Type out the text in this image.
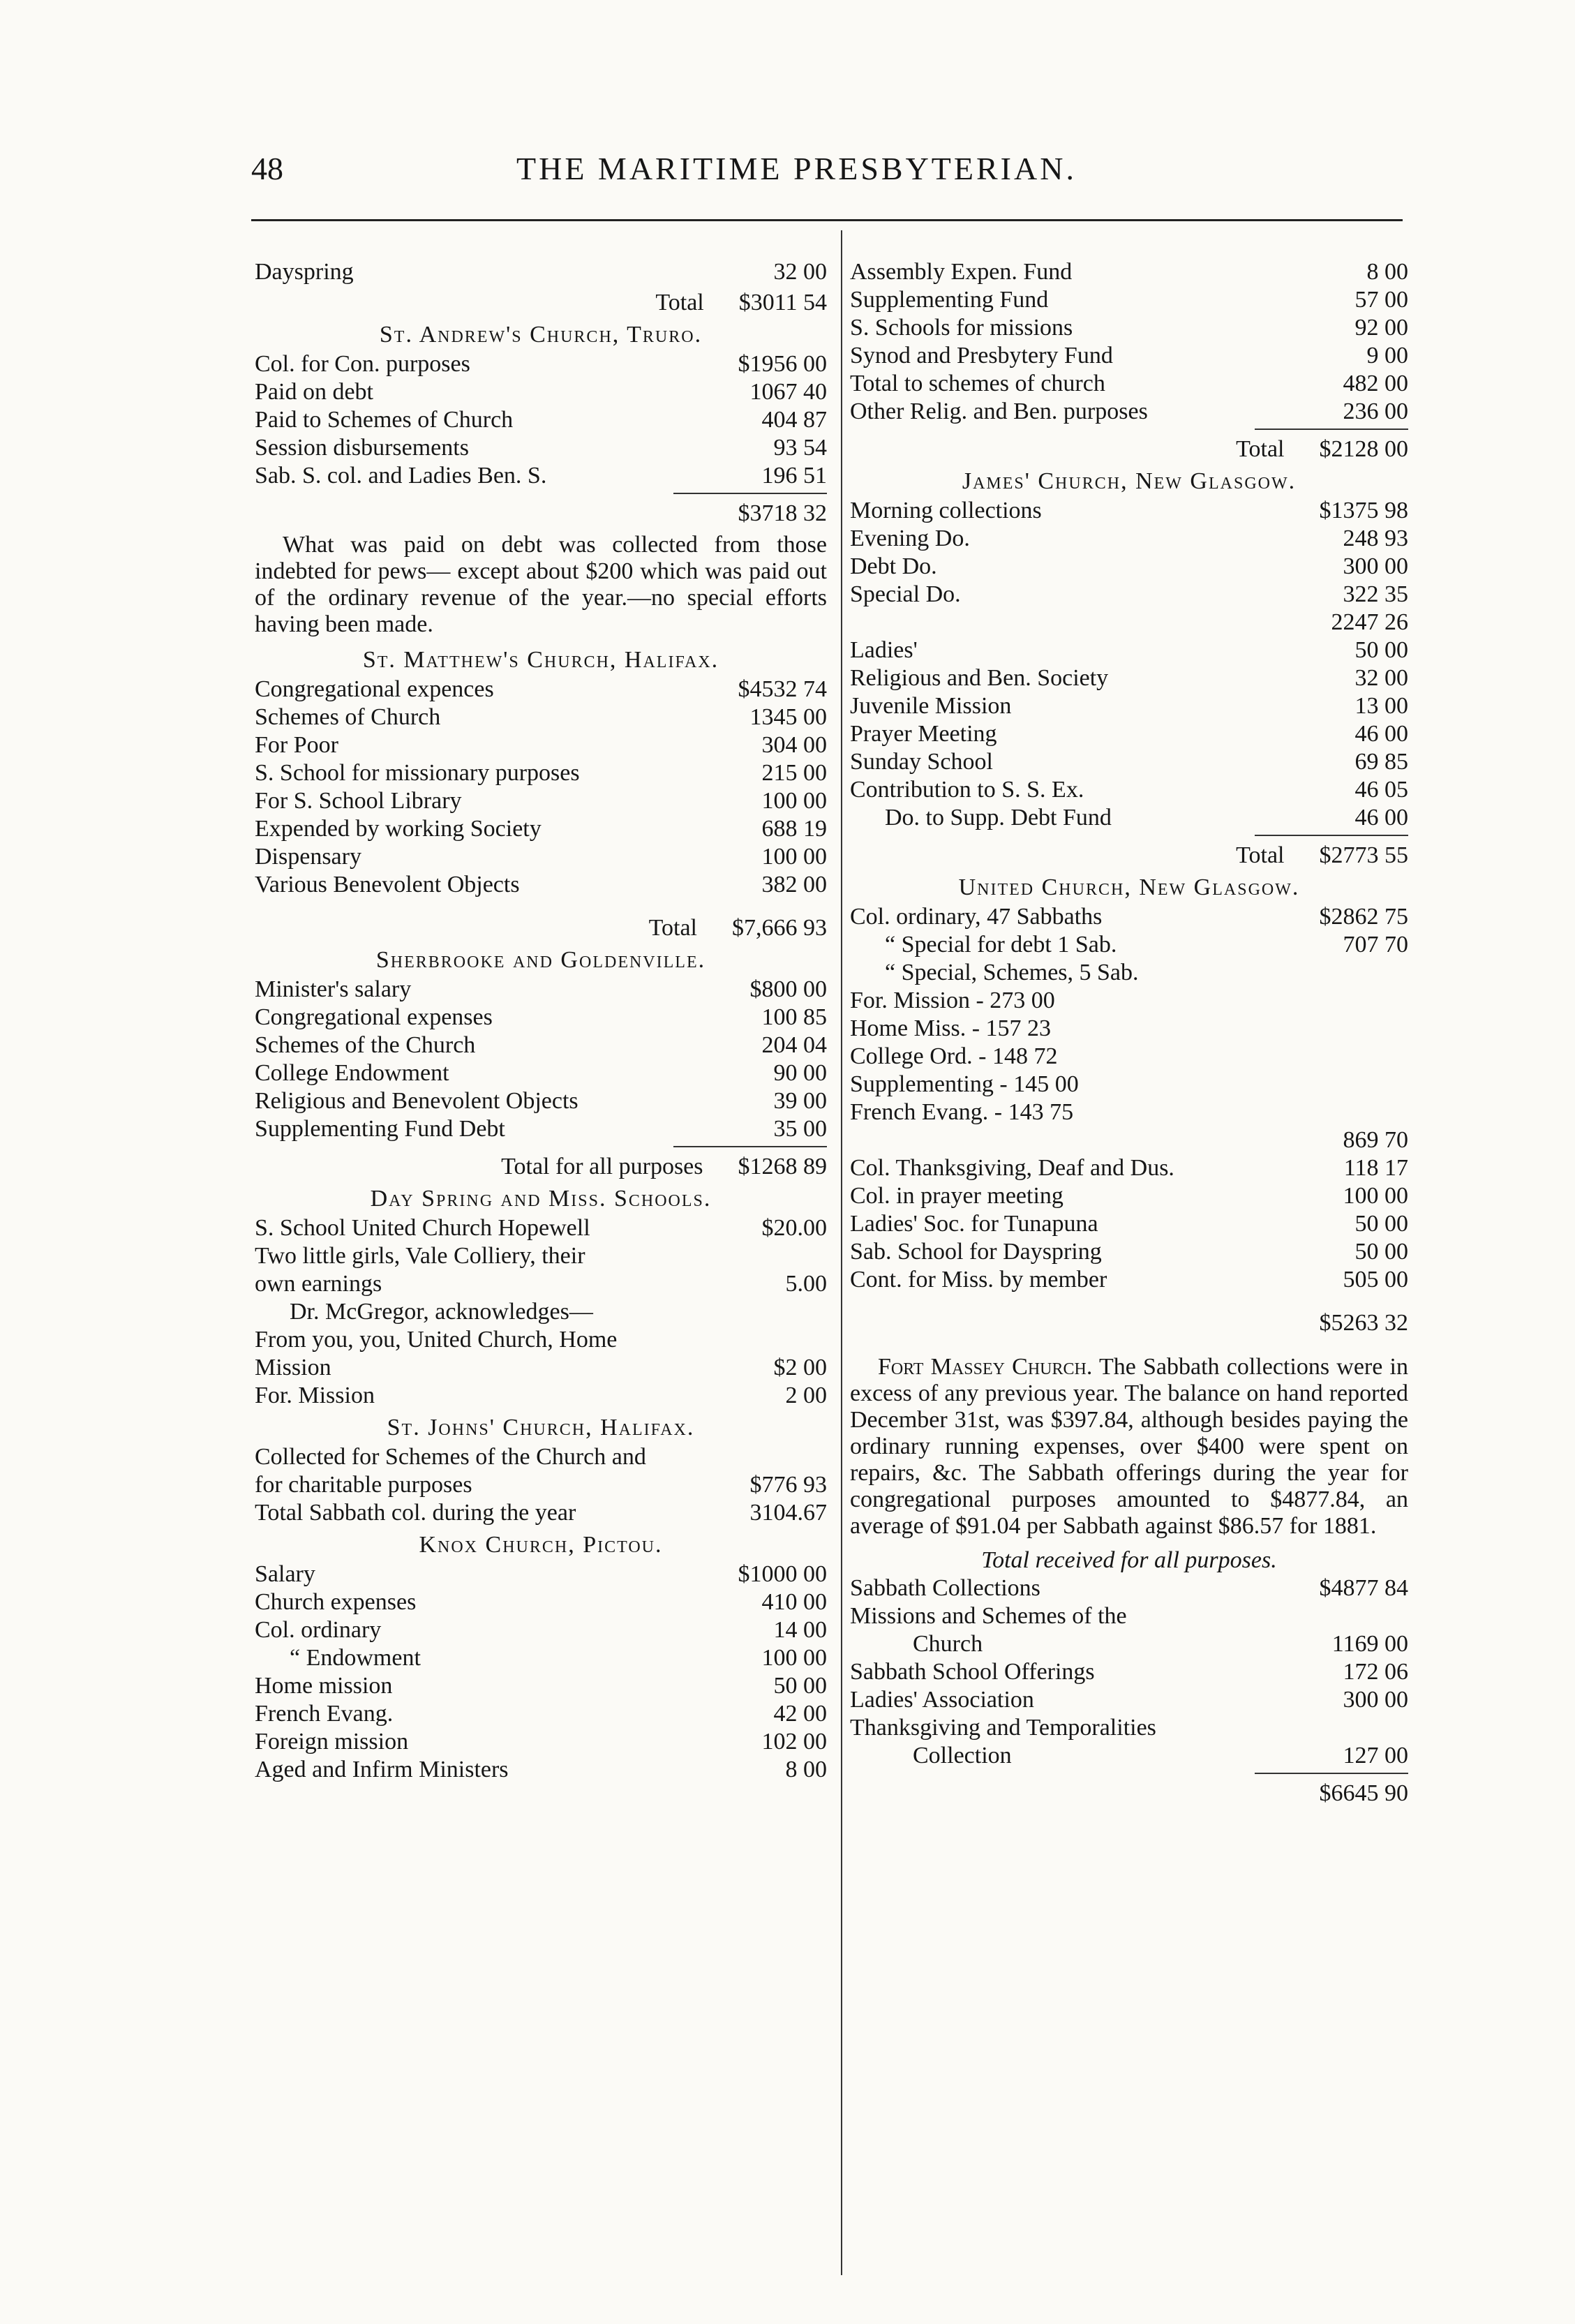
48	THE MARITIME PRESBYTERIAN.
Dayspring	32 00
Total $3011 54
St. Andrew's Church, Truro.
Col. for Con. purposes	$1956 00
Paid on debt	1067 40
Paid to Schemes of Church	404 87
Session disbursements	93 54
Sab. S. col. and Ladies Ben. S.	196 51
$3718 32
What was paid on debt was collected from those indebted for pews— except about $200 which was paid out of the ordinary revenue of the year.—no special efforts having been made.
St. Matthew's Church, Halifax.
Congregational expences	$4532 74
Schemes of Church	1345 00
For Poor	304 00
S. School for missionary purposes	215 00
For S. School Library	100 00
Expended by working Society	688 19
Dispensary	100 00
Various Benevolent Objects	382 00
Total $7,666 93
Sherbrooke and Goldenville.
Minister's salary	$800 00
Congregational expenses	100 85
Schemes of the Church	204 04
College Endowment	90 00
Religious and Benevolent Objects	39 00
Supplementing Fund Debt	35 00
Total for all purposes $1268 89
Day Spring and Miss. Schools.
S. School United Church Hopewell	$20.00
Two little girls, Vale Colliery, their
own earnings	5.00
Dr. McGregor, acknowledges—
From you, you, United Church, Home
Mission	$2 00
For. Mission	2 00
St. Johns' Church, Halifax.
Collected for Schemes of the Church and
for charitable purposes	$776 93
Total Sabbath col. during the year	3104.67
Knox Church, Pictou.
Salary	$1000 00
Church expenses	410 00
Col. ordinary	14 00
“ Endowment	100 00
Home mission	50 00
French Evang.	42 00
Foreign mission	102 00
Aged and Infirm Ministers	8 00
Assembly Expen. Fund	8 00
Supplementing Fund	57 00
S. Schools for missions	92 00
Synod and Presbytery Fund	9 00
Total to schemes of church	482 00
Other Relig. and Ben. purposes	236 00
Total $2128 00
James' Church, New Glasgow.
Morning collections	$1375 98
Evening Do.	248 93
Debt Do.	300 00
Special Do.	322 35
2247 26
Ladies'	50 00
Religious and Ben. Society	32 00
Juvenile Mission	13 00
Prayer Meeting	46 00
Sunday School	69 85
Contribution to S. S. Ex.	46 05
Do. to Supp. Debt Fund	46 00
Total $2773 55
United Church, New Glasgow.
Col. ordinary, 47 Sabbaths	$2862 75
“ Special for debt 1 Sab.	707 70
“ Special, Schemes, 5 Sab.
For. Mission - 273 00
Home Miss. - 157 23
College Ord. - 148 72
Supplementing - 145 00
French Evang. - 143 75
869 70
Col. Thanksgiving, Deaf and Dus.	118 17
Col. in prayer meeting	100 00
Ladies' Soc. for Tunapuna	50 00
Sab. School for Dayspring	50 00
Cont. for Miss. by member	505 00
$5263 32
Fort Massey Church. The Sabbath collections were in excess of any previous year. The balance on hand reported December 31st, was $397.84, although besides paying the ordinary running expenses, over $400 were spent on repairs, &c. The Sabbath offerings during the year for congregational purposes amounted to $4877.84, an average of $91.04 per Sabbath against $86.57 for 1881.
Total received for all purposes.
Sabbath Collections	$4877 84
Missions and Schemes of the
Church	1169 00
Sabbath School Offerings	172 06
Ladies' Association	300 00
Thanksgiving and Temporalities
Collection	127 00
$6645 90
